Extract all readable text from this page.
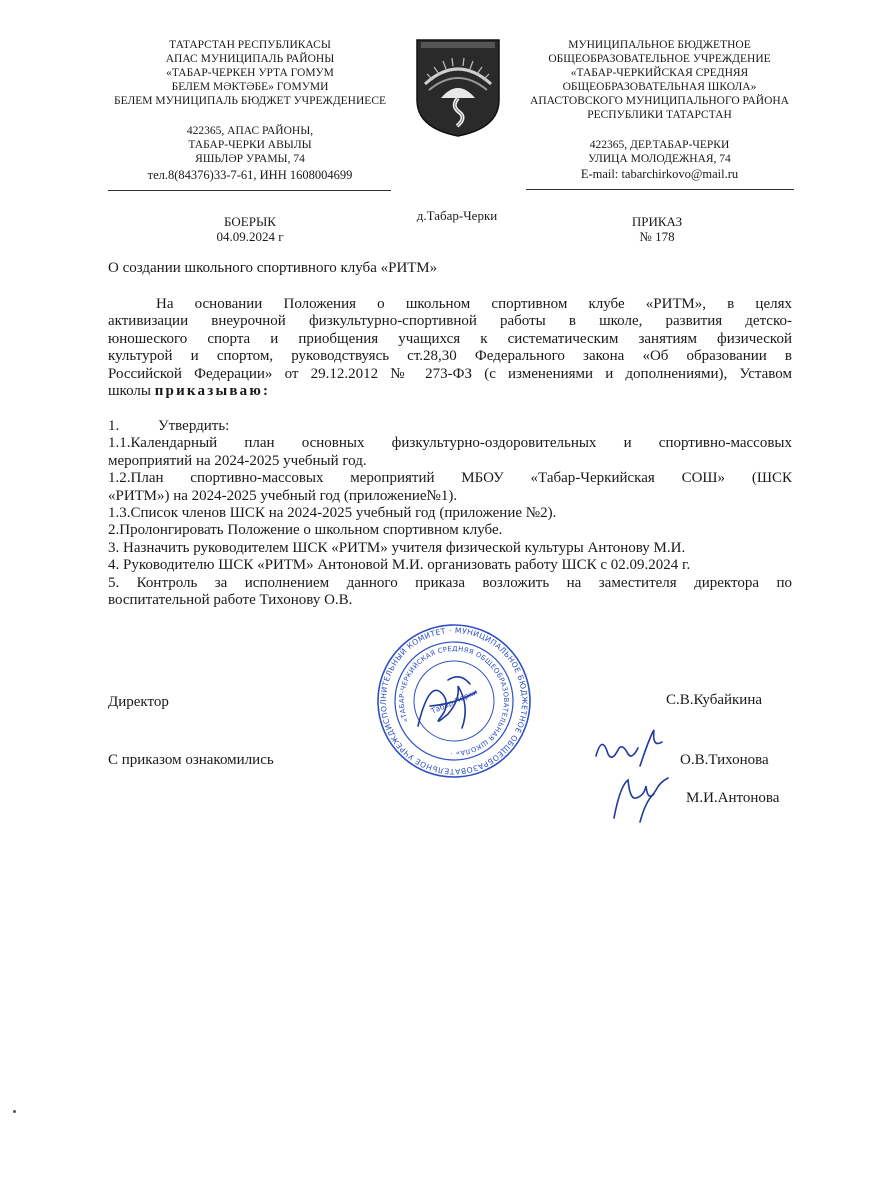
ТАТАРСТАН РЕСПУБЛИКАСЫ
АПАС МУНИЦИПАЛЬ РАЙОНЫ
«ТАБАР-ЧЕРКЕН УРТА ГОМУМ
БЕЛЕМ МӘКТӘБЕ» ГОМУМИ
БЕЛЕМ МУНИЦИПАЛЬ БЮДЖЕТ УЧРЕЖДЕНИЕСЕ
422365, АПАС РАЙОНЫ,
ТАБАР-ЧЕРКИ АВЫЛЫ
ЯШЬЛӘР УРАМЫ, 74
тел.8(84376)33-7-61, ИНН 1608004699
МУНИЦИПАЛЬНОЕ БЮДЖЕТНОЕ
ОБЩЕОБРАЗОВАТЕЛЬНОЕ УЧРЕЖДЕНИЕ
«ТАБАР-ЧЕРКИЙСКАЯ СРЕДНЯЯ
ОБЩЕОБРАЗОВАТЕЛЬНАЯ ШКОЛА»
АПАСТОВСКОГО МУНИЦИПАЛЬНОГО РАЙОНА
РЕСПУБЛИКИ ТАТАРСТАН
422365, ДЕР.ТАБАР-ЧЕРКИ
УЛИЦА МОЛОДЕЖНАЯ, 74
E-mail: tabarchirkovo@mail.ru
БОЕРЫК
04.09.2024 г
д.Табар-Черки	ПРИКАЗ
№ 178
О создании школьного спортивного клуба «РИТМ»
На основании Положения о школьном спортивном клубе «РИТМ», в целях
активизации внеурочной физкультурно-спортивной работы в школе, развития детско-
юношеского спорта и приобщения учащихся к систематическим занятиям физической
культурой и спортом, руководствуясь ст.28,30 Федерального закона «Об образовании в
Российской Федерации» от 29.12.2012 № 273-ФЗ (с изменениями и дополнениями), Уставом
школы приказываю:
1.	Утвердить:
1.1.Календарный план основных физкультурно-оздоровительных и спортивно-массовых
мероприятий на 2024-2025 учебный год.
1.2.План спортивно-массовых мероприятий МБОУ «Табар-Черкийская СОШ» (ШСК
«РИТМ») на 2024-2025 учебный год (приложение№1).
1.3.Список членов ШСК на 2024-2025 учебный год (приложение №2).
2.Пролонгировать Положение о школьном спортивном клубе.
3. Назначить руководителем ШСК «РИТМ» учителя физической культуры Антонову М.И.
4. Руководителю ШСК «РИТМ» Антоновой М.И. организовать работу ШСК с 02.09.2024 г.
5. Контроль за исполнением данного приказа возложить на заместителя директора по
воспитательной работе Тихонову О.В.
ИСПОЛНИТЕЛЬНЫЙ КОМИТЕТ · МУНИЦИПАЛЬНОЕ БЮДЖЕТНОЕ ОБЩЕОБРАЗОВАТЕЛЬНОЕ УЧРЕЖДЕНИЕ
«ТАБАР-ЧЕРКИЙСКАЯ СРЕДНЯЯ ОБЩЕОБРАЗОВАТЕЛЬНАЯ ШКОЛА» ·
Табар-Черки
Директор	С.В.Кубайкина
С приказом ознакомились	О.В.Тихонова
М.И.Антонова
